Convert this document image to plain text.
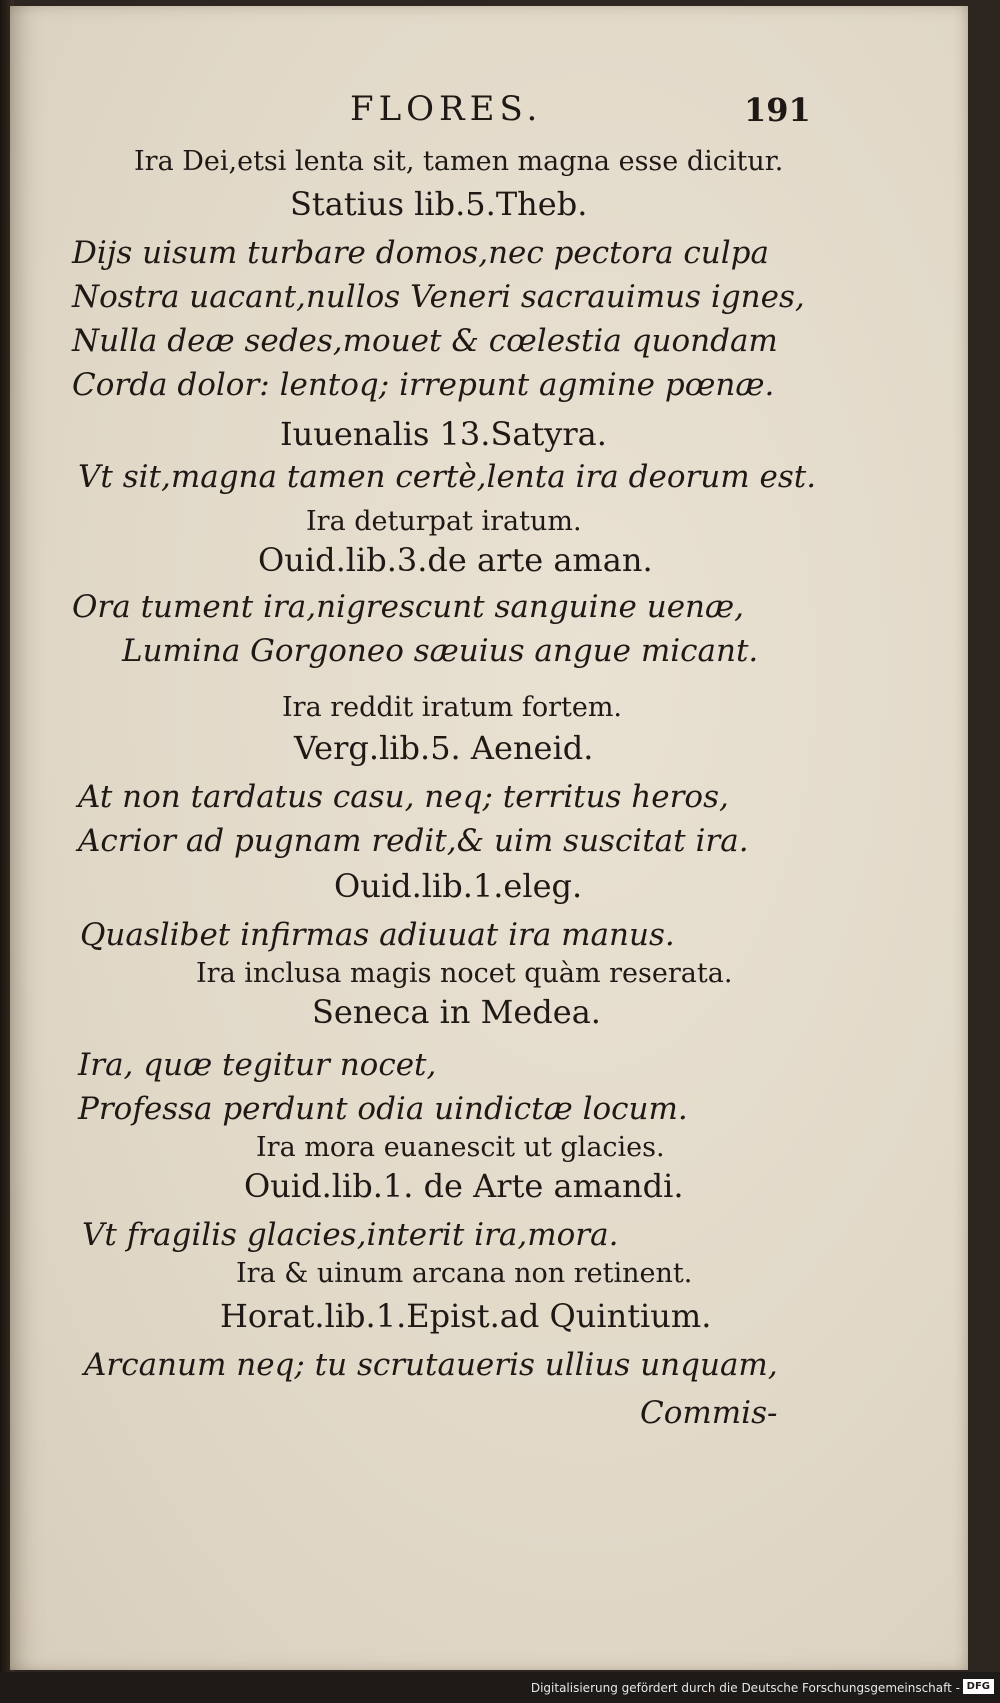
FLORES.	191
Ira Dei,etsi lenta sit, tamen magna esse dicitur.
Statius lib.5.Theb.
Dijs uisum turbare domos,nec pectora culpa
Nostra uacant,nullos Veneri sacrauimus ignes,
Nulla deæ sedes,mouet & cœlestia quondam
Corda dolor: lentoq; irrepunt agmine pœnæ.
Iuuenalis 13.Satyra.
Vt sit,magna tamen certè,lenta ira deorum est.
Ira deturpat iratum.
Ouid.lib.3.de arte aman.
Ora tument ira,nigrescunt sanguine uenæ,
Lumina Gorgoneo sæuius angue micant.
Ira reddit iratum fortem.
Verg.lib.5. Aeneid.
At non tardatus casu, neq; territus heros,
Acrior ad pugnam redit,& uim suscitat ira.
Ouid.lib.1.eleg.
Quaslibet infirmas adiuuat ira manus.
Ira inclusa magis nocet quàm reserata.
Seneca in Medea.
Ira, quæ tegitur nocet,
Professa perdunt odia uindictæ locum.
Ira mora euanescit ut glacies.
Ouid.lib.1. de Arte amandi.
Vt fragilis glacies,interit ira,mora.
Ira & uinum arcana non retinent.
Horat.lib.1.Epist.ad Quintium.
Arcanum neq; tu scrutaueris ullius unquam,
Commis-
Digitalisierung gefördert durch die Deutsche Forschungsgemeinschaft - DFG
